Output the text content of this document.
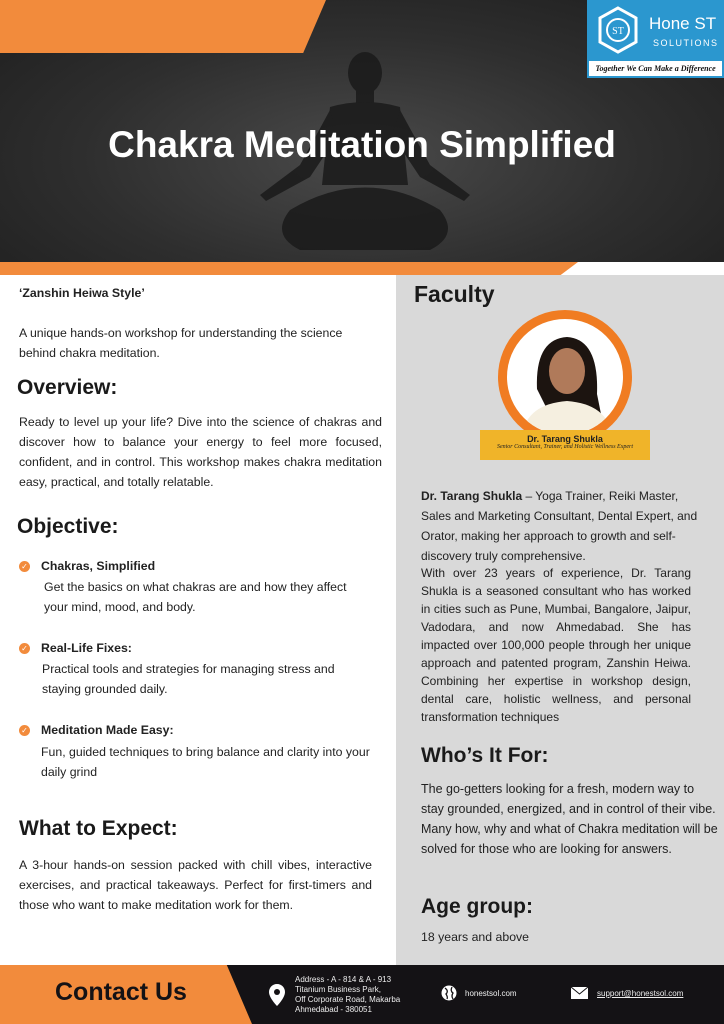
Chakra Meditation Simplified
ST Hone ST
SOLUTIONS
Together We Can Make a Difference
‘Zanshin Heiwa Style’
A unique hands-on workshop for understanding the science behind chakra meditation.
Overview:
Ready to level up your life? Dive into the science of chakras and discover how to balance your energy to feel more focused, confident, and in control. This workshop makes chakra meditation easy, practical, and totally relatable.
Objective:
✓ Chakras, Simplified
Get the basics on what chakras are and how they affect your mind, mood, and body.
✓ Real-Life Fixes:
Practical tools and strategies for managing stress and staying grounded daily.
✓ Meditation Made Easy:
Fun, guided techniques to bring balance and clarity into your daily grind
What to Expect:
A 3-hour hands-on session packed with chill vibes, interactive exercises, and practical takeaways. Perfect for first-timers and those who want to make meditation work for them.
Faculty
Dr. Tarang Shukla
Senior Consultant, Trainer, and Holistic Wellness Expert
Dr. Tarang Shukla – Yoga Trainer, Reiki Master, Sales and Marketing Consultant, Dental Expert, and Orator, making her approach to growth and self-discovery truly comprehensive.
With over 23 years of experience, Dr. Tarang Shukla is a seasoned consultant who has worked in cities such as Pune, Mumbai, Bangalore, Jaipur, Vadodara, and now Ahmedabad. She has impacted over 100,000 people through her unique approach and patented program, Zanshin Heiwa. Combining her expertise in workshop design, dental care, holistic wellness, and personal transformation techniques
Who’s It For:
The go-getters looking for a fresh, modern way to stay grounded, energized, and in control of their vibe. Many how, why and what of Chakra meditation will be solved for those who are looking for answers.
Age group:
18 years and above
Contact Us	Address - A - 814 & A - 913
Titanium Business Park,
Off Corporate Road, Makarba
Ahmedabad - 380051
honestsol.com	support@honestsol.com
